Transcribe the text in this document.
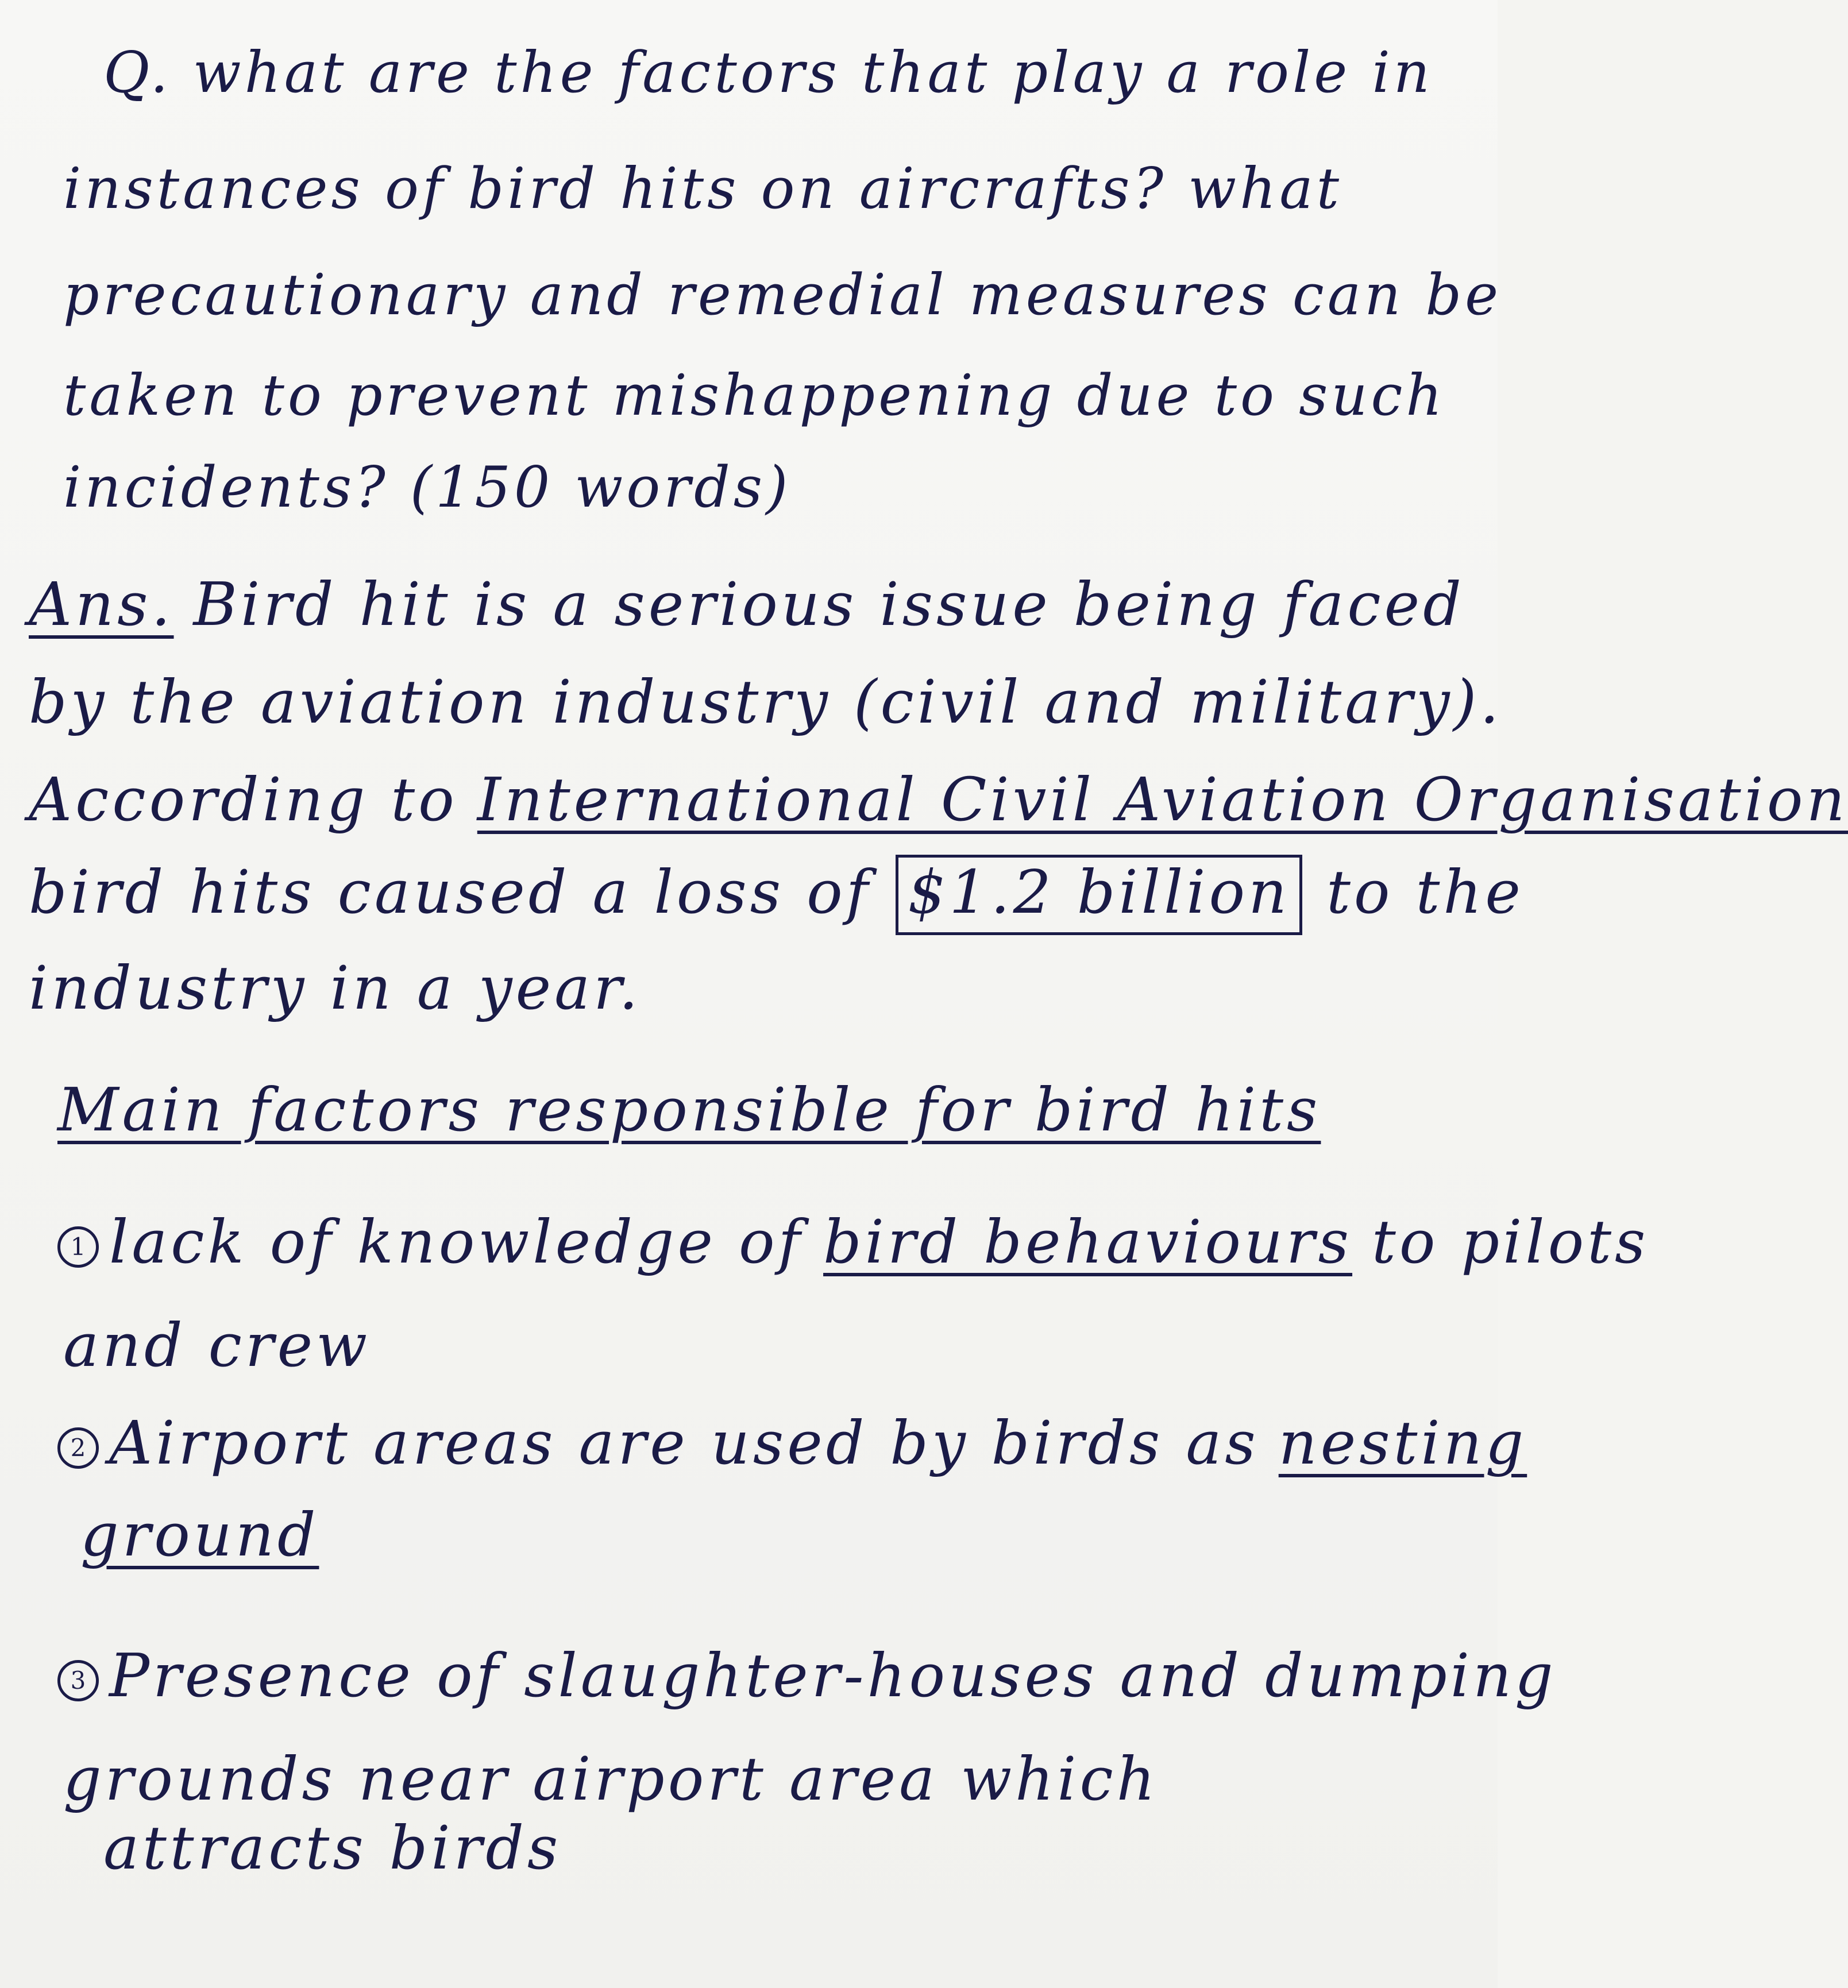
Q. what are the factors that play a role in
instances of bird hits on aircrafts? what
precautionary and remedial measures can be
taken to prevent mishappening due to such
incidents? (150 words)
Ans. Bird hit is a serious issue being faced
by the aviation industry (civil and military).
According to International Civil Aviation Organisation
bird hits caused a loss of $1.2 billion to the
industry in a year.
Main factors responsible for bird hits
1 lack of knowledge of bird behaviours to pilots
and crew
2 Airport areas are used by birds as nesting
ground
3 Presence of slaughter-houses and dumping
grounds near airport area which
attracts birds
